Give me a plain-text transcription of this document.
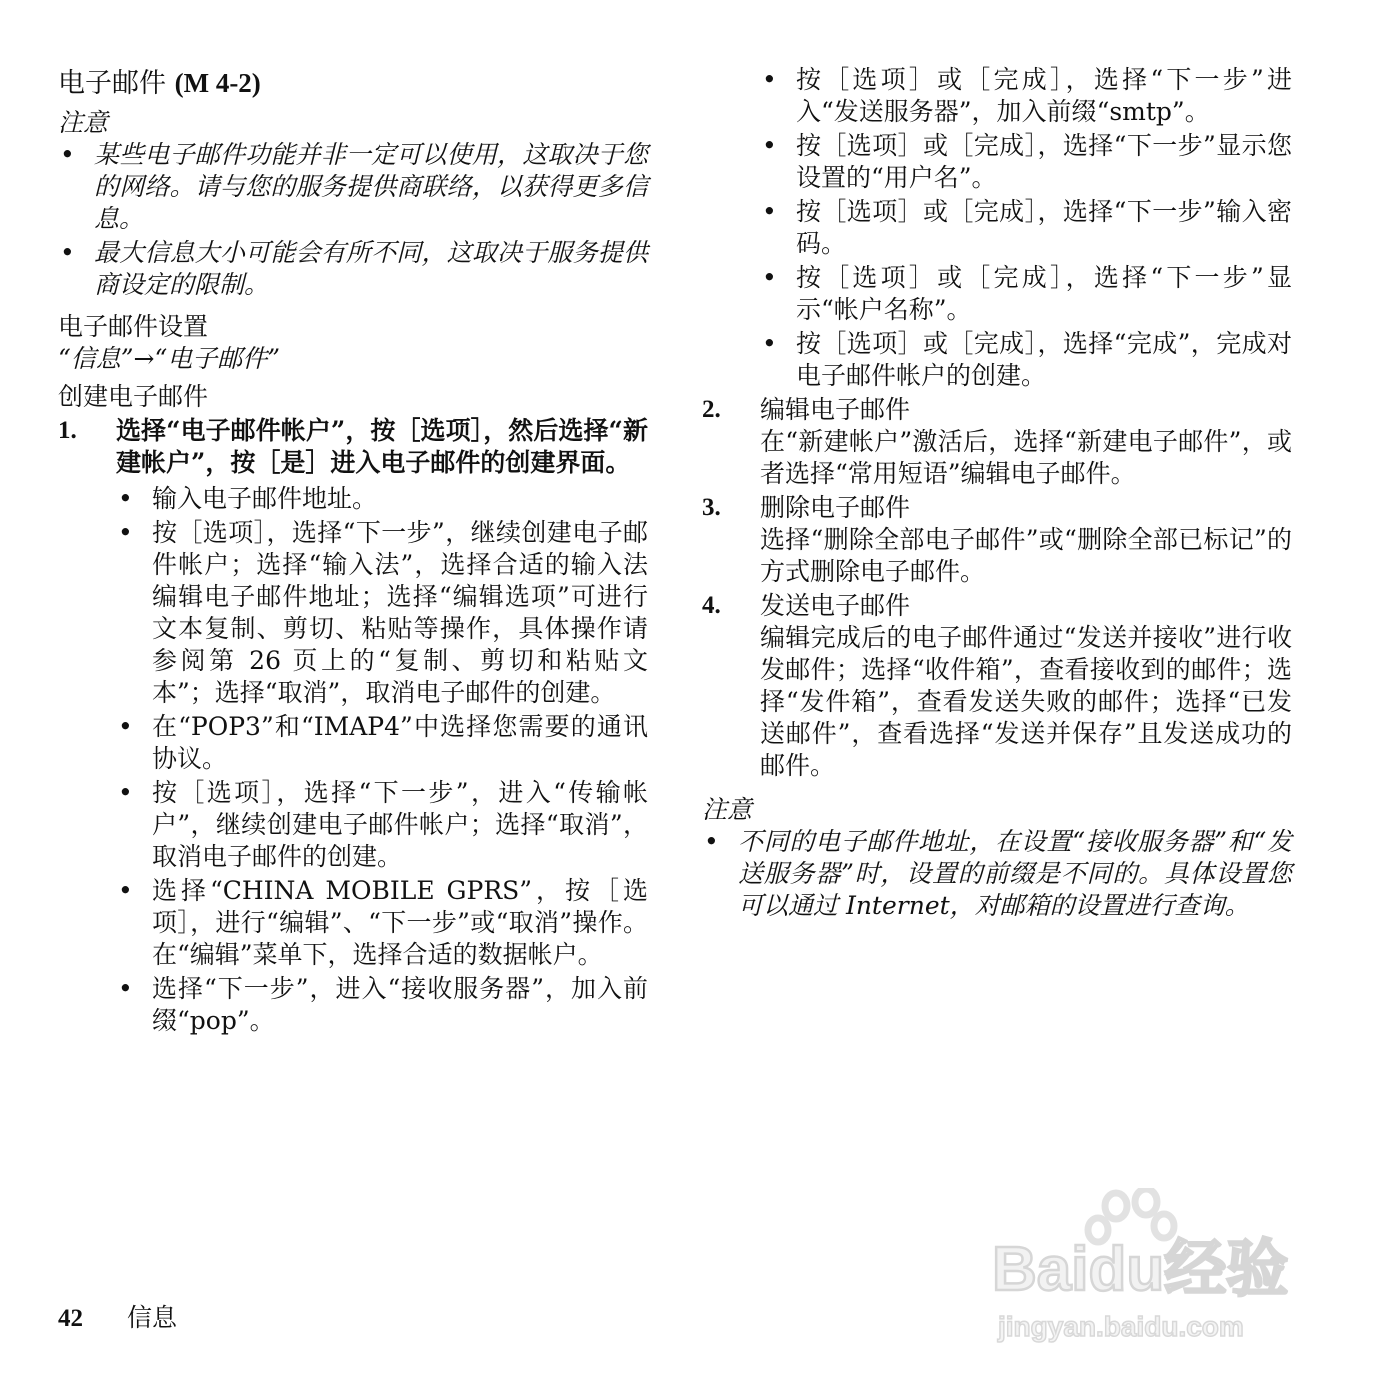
电子邮件 (M 4-2)
注意
• 某些电子邮件功能并非一定可以使用，这取决于您的网络。请与您的服务提供商联络，以获得更多信息。
• 最大信息大小可能会有所不同，这取决于服务提供商设定的限制。
电子邮件设置
“信息”→“电子邮件”
创建电子邮件
1. 选择“电子邮件帐户”，按［选项］，然后选择“新建帐户”，按［是］进入电子邮件的创建界面。
• 输入电子邮件地址。
• 按［选项］，选择“下一步”，继续创建电子邮件帐户；选择“输入法”，选择合适的输入法编辑电子邮件地址；选择“编辑选项”可进行文本复制、剪切、粘贴等操作，具体操作请参阅第 26 页上的“复制、剪切和粘贴文本”；选择“取消”，取消电子邮件的创建。
• 在“POP3”和“IMAP4”中选择您需要的通讯协议。
• 按［选项］，选择“下一步”，进入“传输帐户”，继续创建电子邮件帐户；选择“取消”，取消电子邮件的创建。
• 选择“CHINA MOBILE GPRS”，按［选项］，进行“编辑”、“下一步”或“取消”操作。在“编辑”菜单下，选择合适的数据帐户。
• 选择“下一步”，进入“接收服务器”，加入前缀“pop”。
• 按［选项］或［完成］，选择“下一步”进入“发送服务器”，加入前缀“smtp”。
• 按［选项］或［完成］，选择“下一步”显示您设置的“用户名”。
• 按［选项］或［完成］，选择“下一步”输入密码。
• 按［选项］或［完成］，选择“下一步”显示“帐户名称”。
• 按［选项］或［完成］，选择“完成”，完成对电子邮件帐户的创建。
2. 编辑电子邮件
在“新建帐户”激活后，选择“新建电子邮件”，或者选择“常用短语”编辑电子邮件。
3. 删除电子邮件
选择“删除全部电子邮件”或“删除全部已标记”的方式删除电子邮件。
4. 发送电子邮件
编辑完成后的电子邮件通过“发送并接收”进行收发邮件；选择“收件箱”，查看接收到的邮件；选择“发件箱”，查看发送失败的邮件；选择“已发送邮件”，查看选择“发送并保存”且发送成功的邮件。
注意
• 不同的电子邮件地址，在设置“接收服务器”和“发送服务器”时，设置的前缀是不同的。具体设置您可以通过 Internet，对邮箱的设置进行查询。
42 信息
Baidu经验
jingyan.baidu.com
